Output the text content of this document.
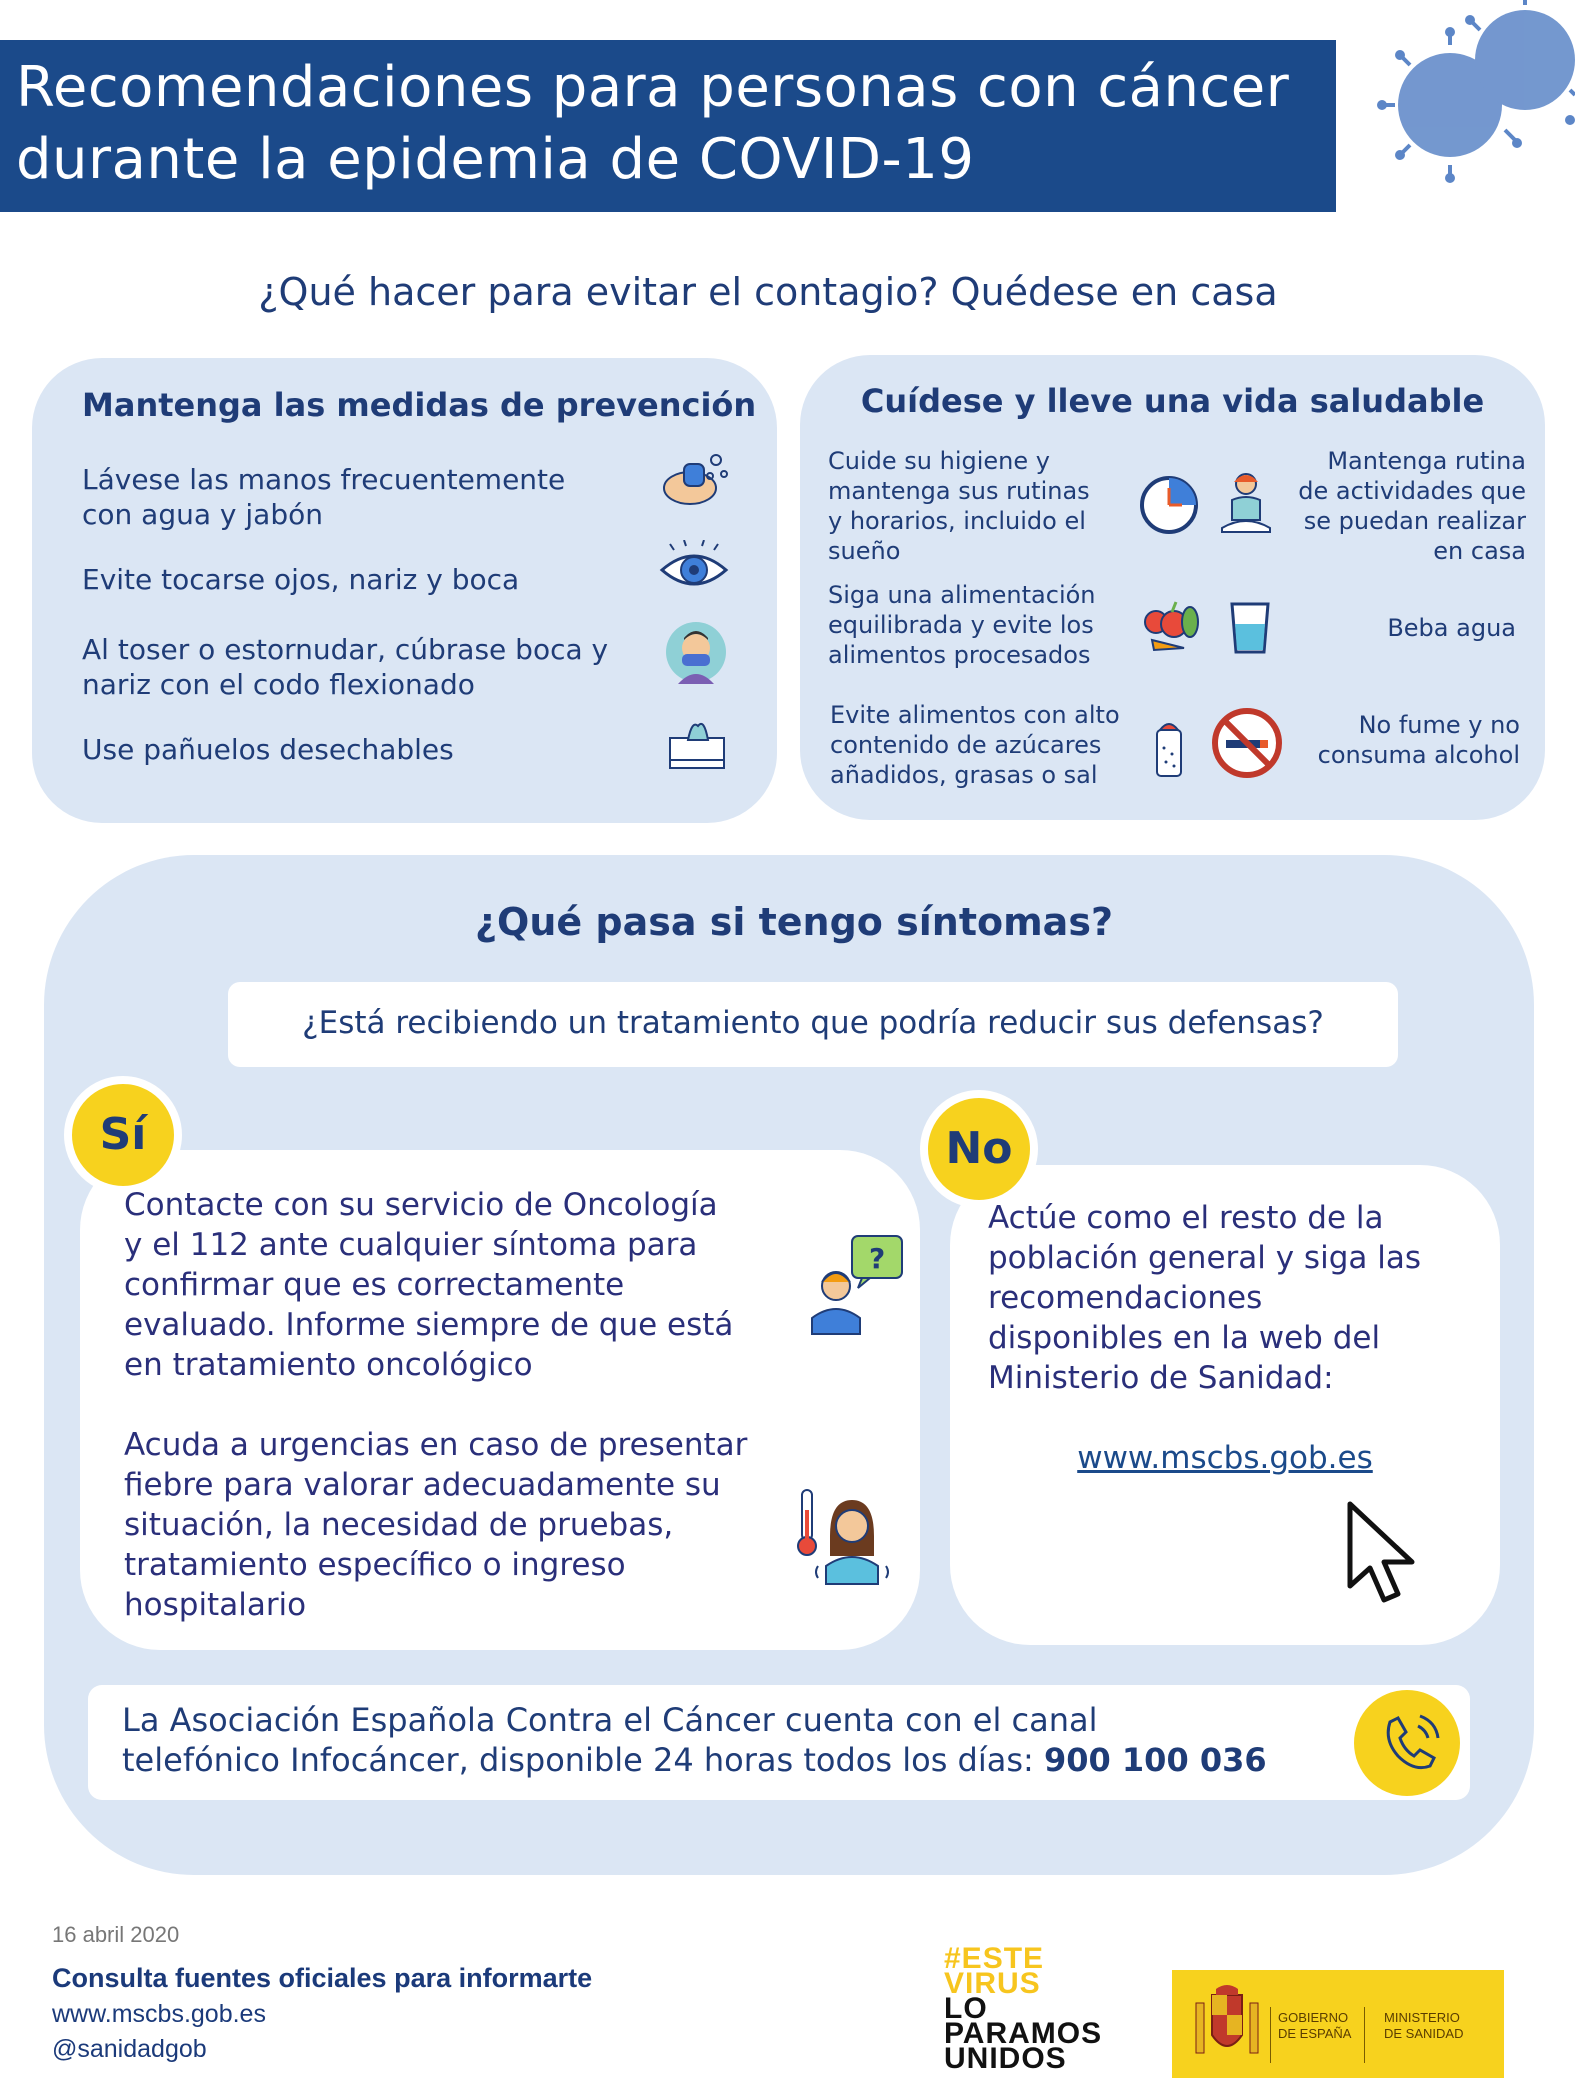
Recomendaciones para personas con cáncer
durante la epidemia de COVID-19
¿Qué hacer para evitar el contagio? Quédese en casa
Mantenga las medidas de prevención
Lávese las manos frecuentemente
con agua y jabón
Evite tocarse ojos, nariz y boca
Al toser o estornudar, cúbrase boca y
nariz con el codo flexionado
Use pañuelos desechables
Cuídese y lleve una vida saludable
Cuide su higiene y
mantenga sus rutinas
y horarios, incluido el
sueño
Mantenga rutina
de actividades que
se puedan realizar
en casa
Siga una alimentación
equilibrada y evite los
alimentos procesados
Beba agua
Evite alimentos con alto
contenido de azúcares
añadidos, grasas o sal
No fume y no
consuma alcohol
¿Qué pasa si tengo síntomas?
¿Está recibiendo un tratamiento que podría reducir sus defensas?
Sí
Contacte con su servicio de Oncología
y el 112 ante cualquier síntoma para
confirmar que es correctamente
evaluado. Informe siempre de que está
en tratamiento oncológico
?
Acuda a urgencias en caso de presentar
fiebre para valorar adecuadamente su
situación, la necesidad de pruebas,
tratamiento específico o ingreso
hospitalario
No
Actúe como el resto de la
población general y siga las
recomendaciones
disponibles en la web del
Ministerio de Sanidad:
www.mscbs.gob.es
La Asociación Española Contra el Cáncer cuenta con el canal
telefónico Infocáncer, disponible 24 horas todos los días: 900 100 036
16 abril 2020
Consulta fuentes oficiales para informarte
www.mscbs.gob.es
@sanidadgob
#ESTE
VIRUS
LO
PARAMOS
UNIDOS
GOBIERNO
DE ESPAÑA
MINISTERIO
DE SANIDAD
